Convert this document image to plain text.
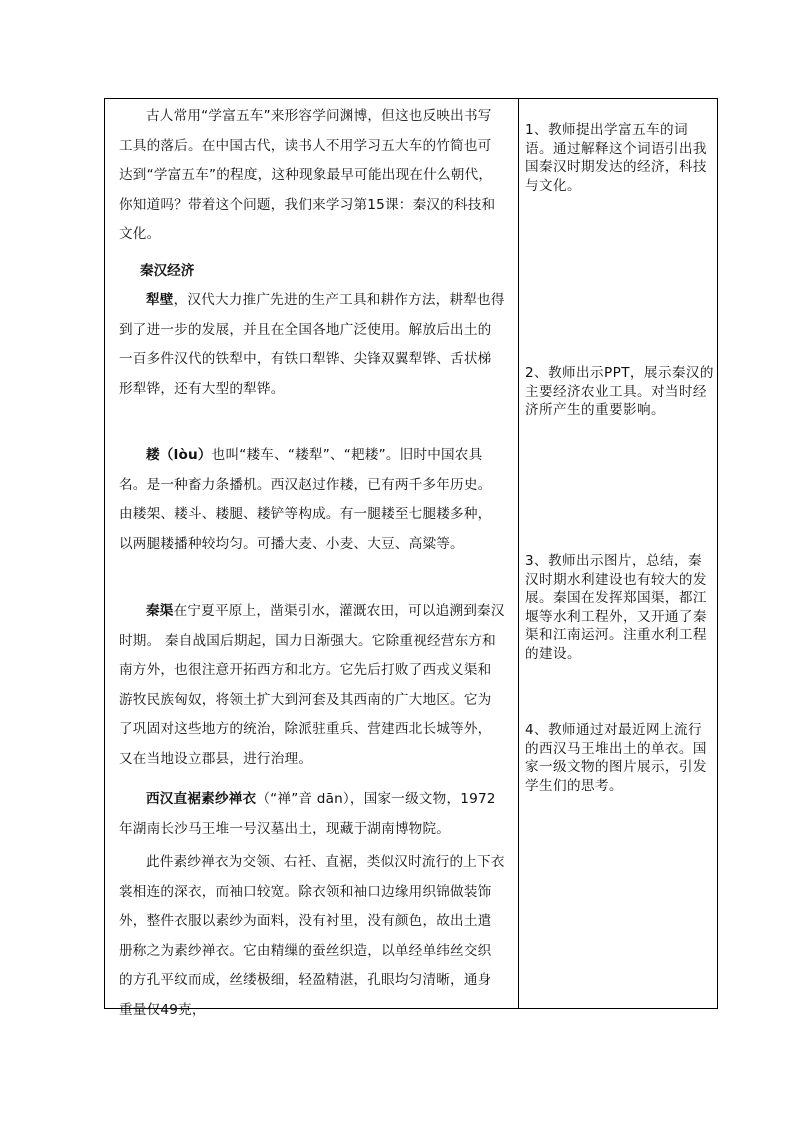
古人常用“学富五车”来形容学问渊博，但这也反映出书写工具的落后。在中国古代，读书人不用学习五大车的竹简也可达到“学富五车”的程度，这种现象最早可能出现在什么朝代，你知道吗？带着这个问题，我们来学习第15课：秦汉的科技和文化。

秦汉经济

犁壁，汉代大力推广先进的生产工具和耕作方法，耕犁也得到了进一步的发展，并且在全国各地广泛使用。解放后出土的一百多件汉代的铁犁中，有铁口犁铧、尖锋双翼犁铧、舌状梯形犁铧，还有大型的犁铧。

耧（lòu）也叫“耧车、“耧犁”、“耙耧”。旧时中国农具名。是一种畜力条播机。西汉赵过作耧，已有两千多年历史。由耧架、耧斗、耧腿、耧铲等构成。有一腿耧至七腿耧多种，以两腿耧播种较均匀。可播大麦、小麦、大豆、高粱等。

秦渠在宁夏平原上，凿渠引水，灌溉农田，可以追溯到秦汉时期。 秦自战国后期起，国力日渐强大。它除重视经营东方和南方外，也很注意开拓西方和北方。它先后打败了西戎义渠和游牧民族匈奴，将领土扩大到河套及其西南的广大地区。它为了巩固对这些地方的统治，除派驻重兵、营建西北长城等外，又在当地设立郡县，进行治理。

西汉直裾素纱禅衣（“禅”音 dān），国家一级文物，1972年湖南长沙马王堆一号汉墓出土，现藏于湖南博物院。

此件素纱禅衣为交领、右衽、直裾，类似汉时流行的上下衣裳相连的深衣，而袖口较宽。除衣领和袖口边缘用织锦做装饰外，整件衣服以素纱为面料，没有衬里，没有颜色，故出土遣册称之为素纱禅衣。它由精缫的蚕丝织造，以单经单纬丝交织的方孔平纹而成，丝缕极细，轻盈精湛，孔眼均匀清晰，通身重量仅49克，

1、教师提出学富五车的词语。通过解释这个词语引出我国秦汉时期发达的经济，科技与文化。

2、教师出示PPT，展示秦汉的主要经济农业工具。对当时经济所产生的重要影响。

3、教师出示图片，总结，秦汉时期水利建设也有较大的发展。秦国在发挥郑国渠，都江堰等水利工程外，又开通了秦渠和江南运河。注重水利工程的建设。

4、教师通过对最近网上流行的西汉马王堆出土的单衣。国家一级文物的图片展示，引发学生们的思考。
